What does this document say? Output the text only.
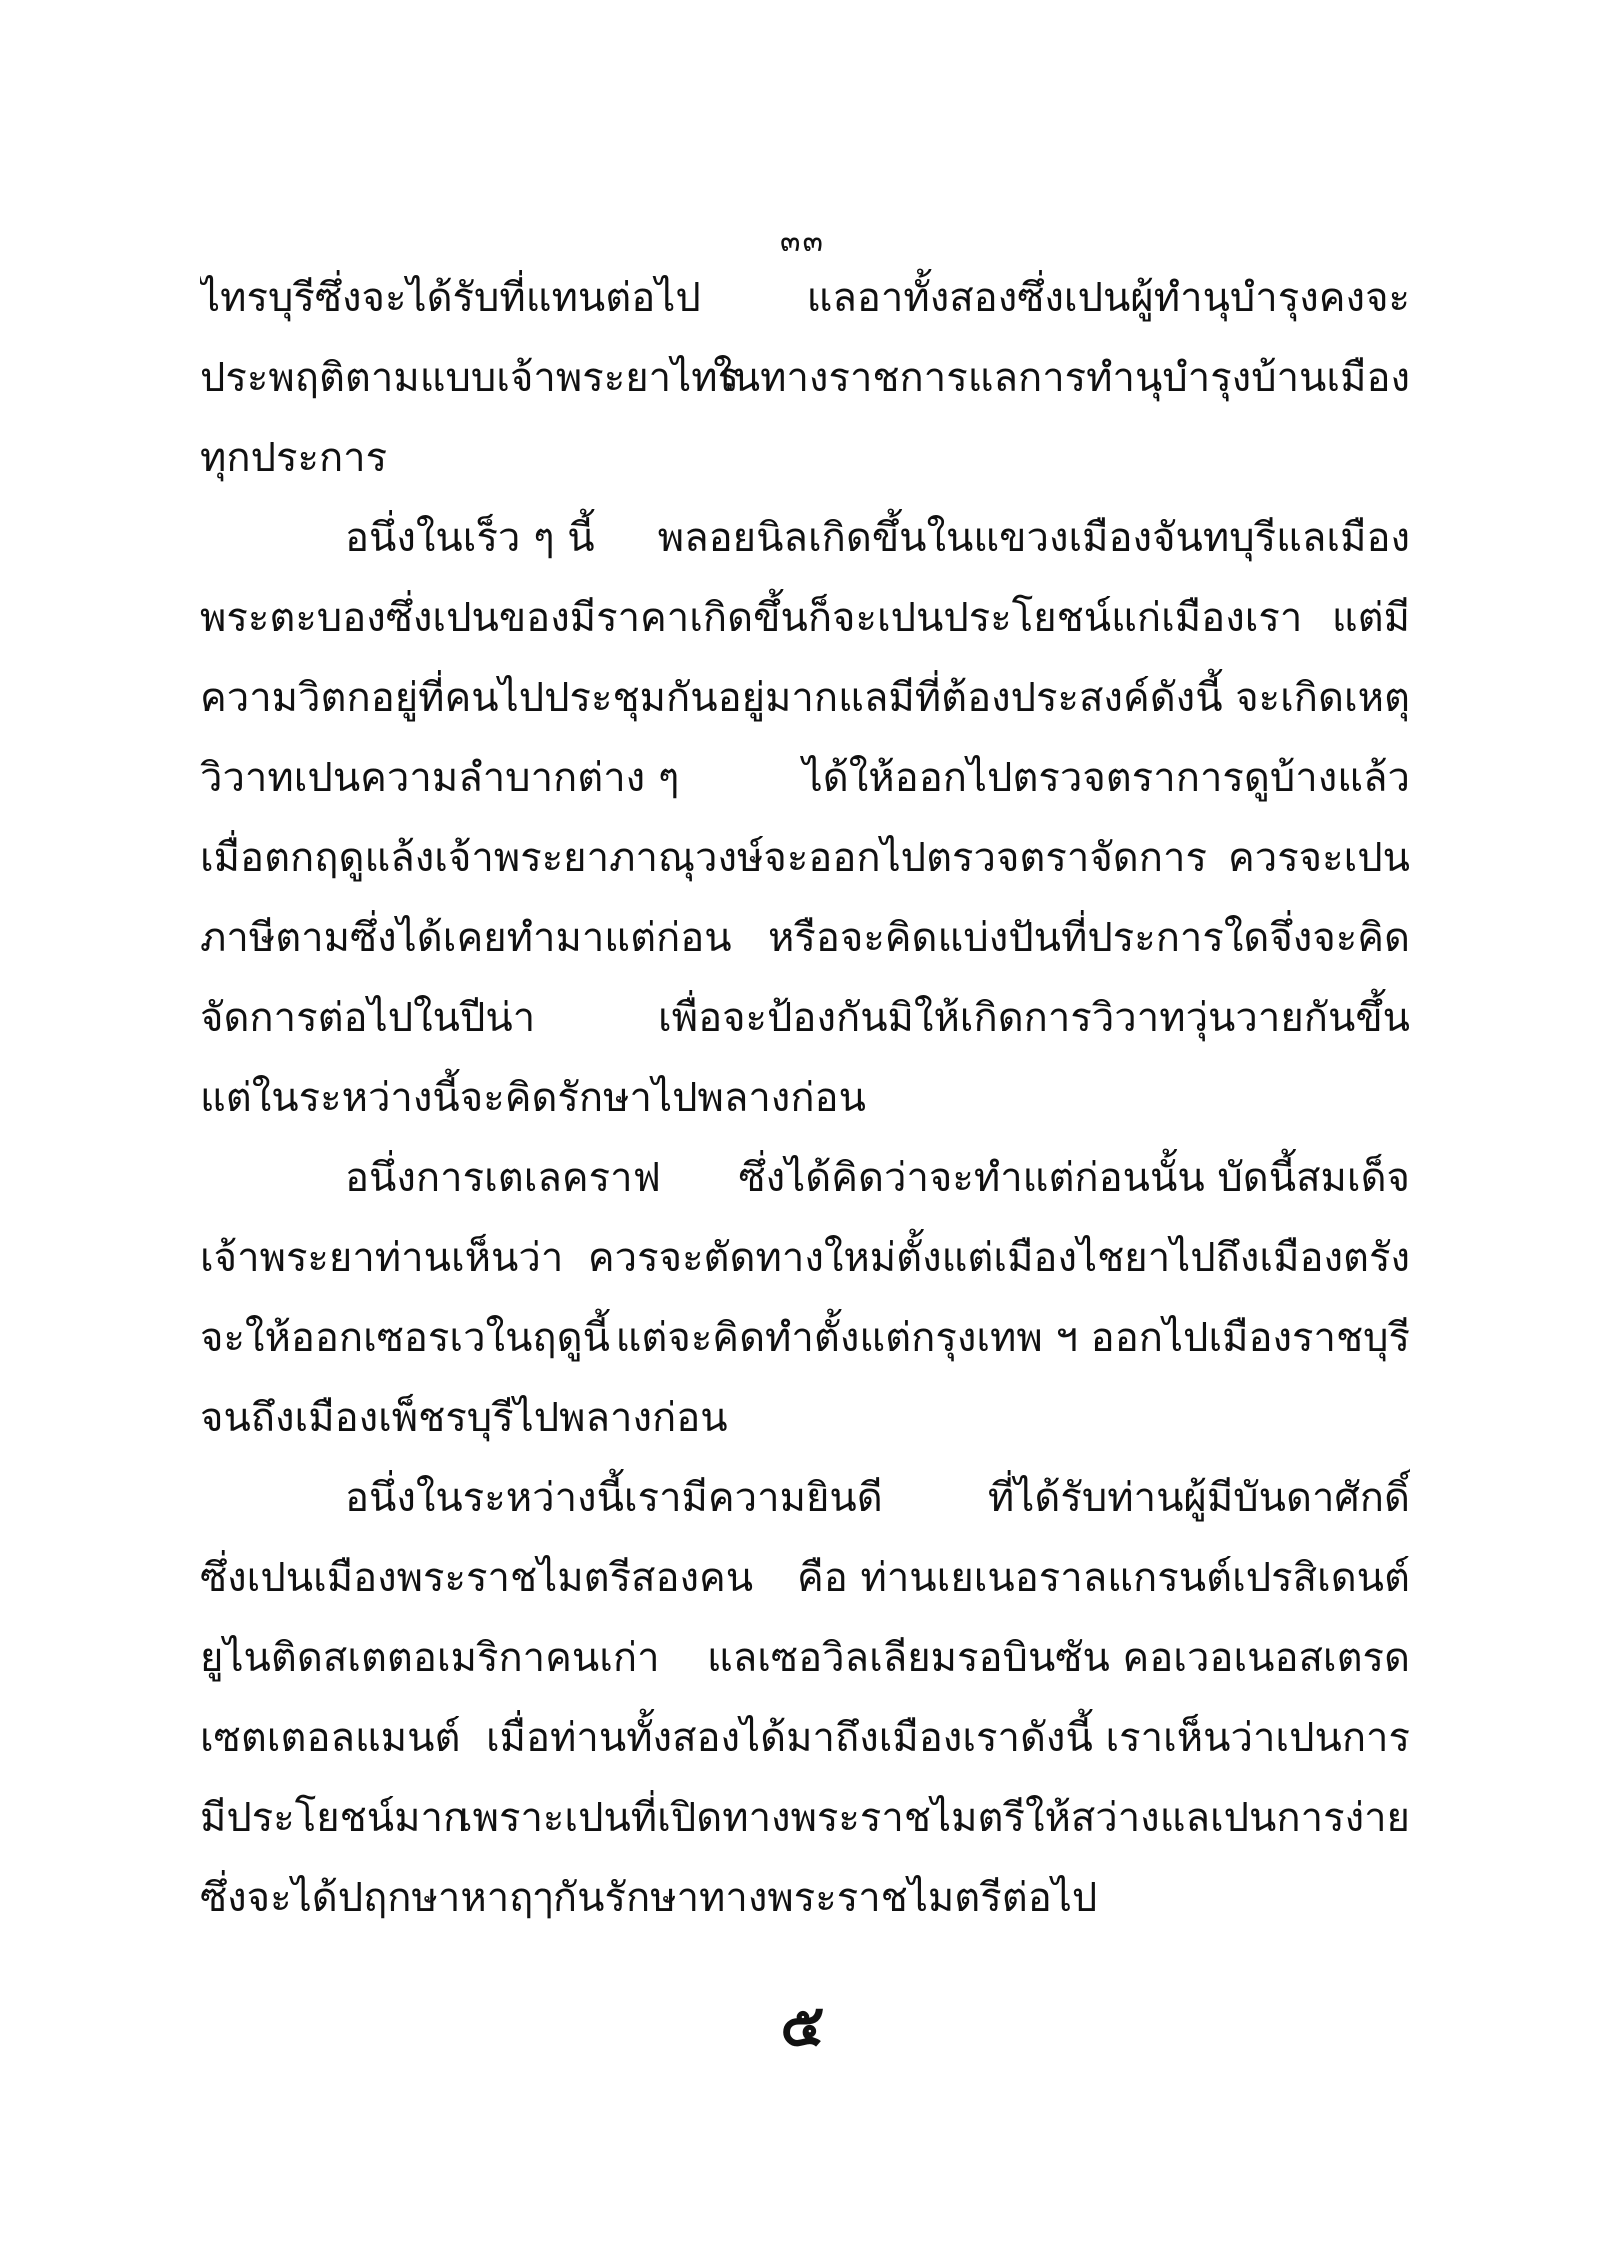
๓๓
ไทรบุรีซึ่งจะได้รับที่แทนต่อไป	แลอาทั้งสองซึ่งเปนผู้ทำนุบำรุงคงจะ
ประพฤติตามแบบเจ้าพระยาไทร
ในทางราชการแลการทำนุบำรุงบ้านเมือง
ทุกประการ
อนึ่งในเร็ว ๆ นี้ พลอยนิลเกิดขึ้นในแขวงเมืองจันทบุรีแลเมือง
พระตะบองซึ่งเปนของมีราคาเกิดขึ้นก็จะเปนประโยชน์แก่เมืองเรา แต่มี
ความวิตกอยู่ที่คนไปประชุมกันอยู่มากแลมีที่ต้องประสงค์ดังนี้ จะเกิดเหตุ
วิวาทเปนความลำบากต่าง ๆ	ได้ให้ออกไปตรวจตราการดูบ้างแล้ว
เมื่อตกฤดูแล้งเจ้าพระยาภาณุวงษ์จะออกไปตรวจตราจัดการ ควรจะเปน
ภาษีตามซึ่งได้เคยทำมาแต่ก่อน หรือจะคิดแบ่งปันที่ประการใดจึ่งจะคิด
จัดการต่อไปในปีน่า	เพื่อจะป้องกันมิให้เกิดการวิวาทวุ่นวายกันขึ้น
แต่ในระหว่างนี้จะคิดรักษาไปพลางก่อน
อนึ่งการเตเลคราฟ ซึ่งได้คิดว่าจะทำแต่ก่อนนั้น บัดนี้สมเด็จ
เจ้าพระยาท่านเห็นว่า ควรจะตัดทางใหม่ตั้งแต่เมืองไชยาไปถึงเมืองตรัง
จะให้ออกเซอรเวในฤดูนี้ แต่จะคิดทำตั้งแต่กรุงเทพ ฯ ออกไปเมืองราชบุรี
จนถึงเมืองเพ็ชรบุรีไปพลางก่อน
อนึ่งในระหว่างนี้เรามีความยินดี	ที่ได้รับท่านผู้มีบันดาศักดิ์
ซึ่งเปนเมืองพระราชไมตรีสองคน คือ ท่านเยเนอราลแกรนต์เปรสิเดนต์
ยูไนติดสเตตอเมริกาคนเก่า แลเซอวิลเลียมรอบินซัน คอเวอเนอสเตรด
เซตเตอลแมนต์ เมื่อท่านทั้งสองได้มาถึงเมืองเราดังนี้ เราเห็นว่าเปนการ
มีประโยชน์มาก
เพราะเปนที่เปิดทางพระราชไมตรีให้สว่างแลเปนการง่าย
ซึ่งจะได้ปฤกษาหาฤๅกันรักษาทางพระราชไมตรีต่อไป
๕
